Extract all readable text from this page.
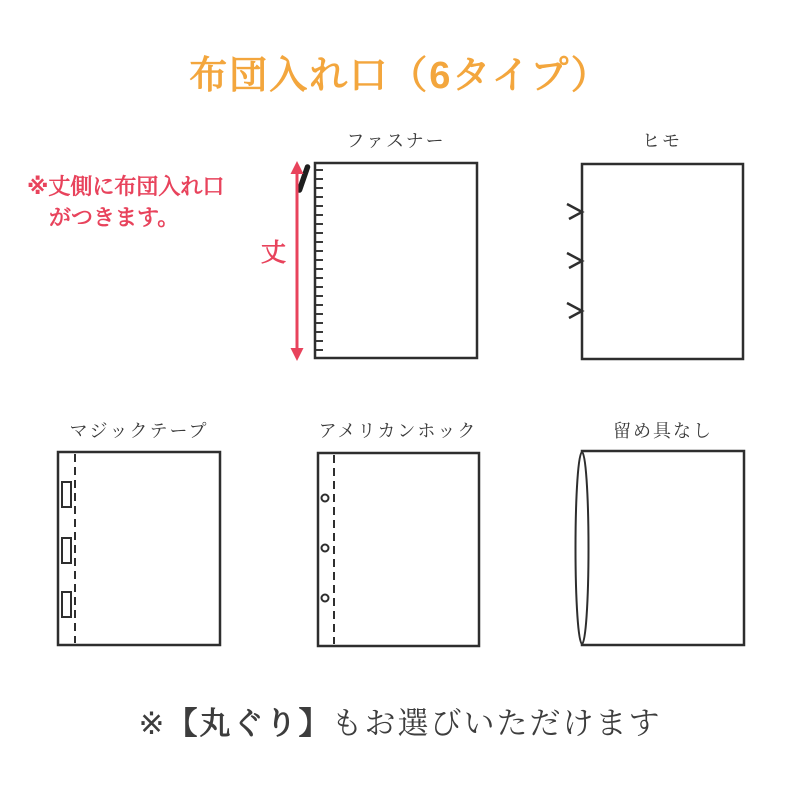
布団入れ口（6タイプ）
※丈側に布団入れ口
がつきます。
丈
ファスナー	ヒモ
マジックテープ	アメリカンホック	留め具なし
※【丸ぐり】もお選びいただけます
